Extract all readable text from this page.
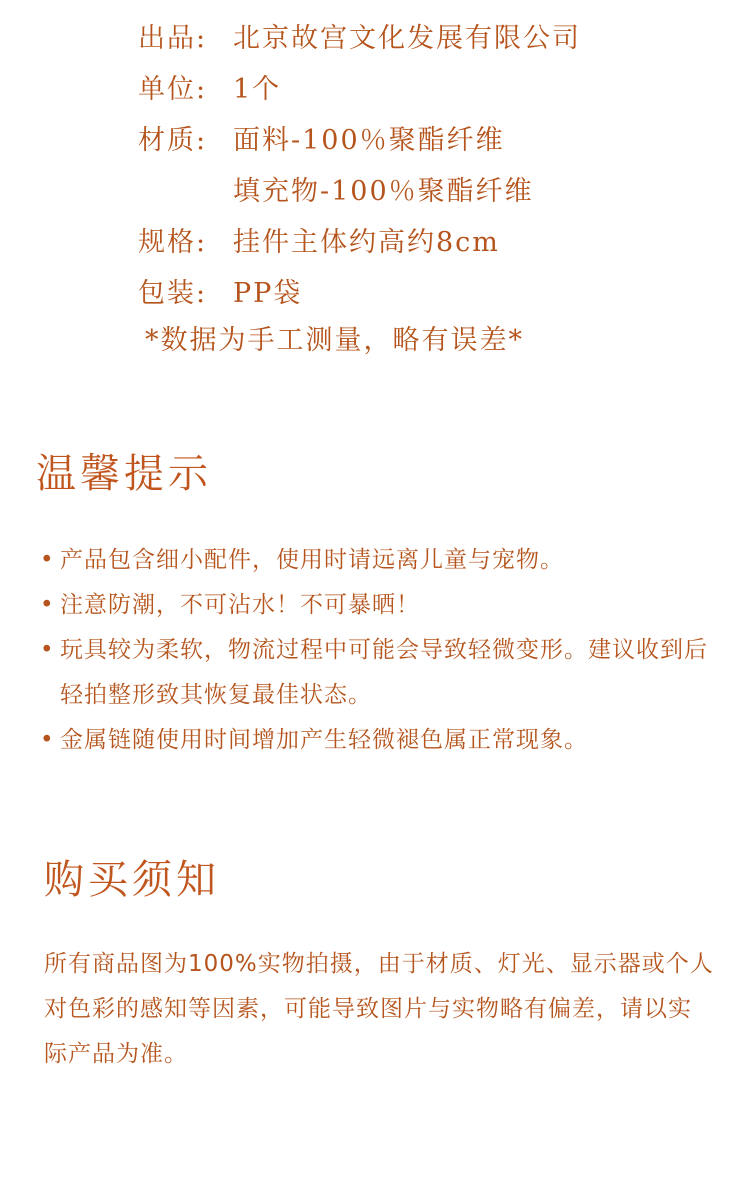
出品: 北京故宫文化发展有限公司
单位: 1个
材质: 面料-100％聚酯纤维
填充物-100％聚酯纤维
规格: 挂件主体约高约8cm
包装: PP袋
*数据为手工测量，略有误差*
温馨提示
• 产品包含细小配件，使用时请远离儿童与宠物。
• 注意防潮，不可沾水！不可暴晒！
• 玩具较为柔软，物流过程中可能会导致轻微变形。建议收到后轻拍整形致其恢复最佳状态。
• 金属链随使用时间增加产生轻微褪色属正常现象。
购买须知
所有商品图为100%实物拍摄，由于材质、灯光、显示器或个人对色彩的感知等因素，可能导致图片与实物略有偏差，请以实际产品为准。
